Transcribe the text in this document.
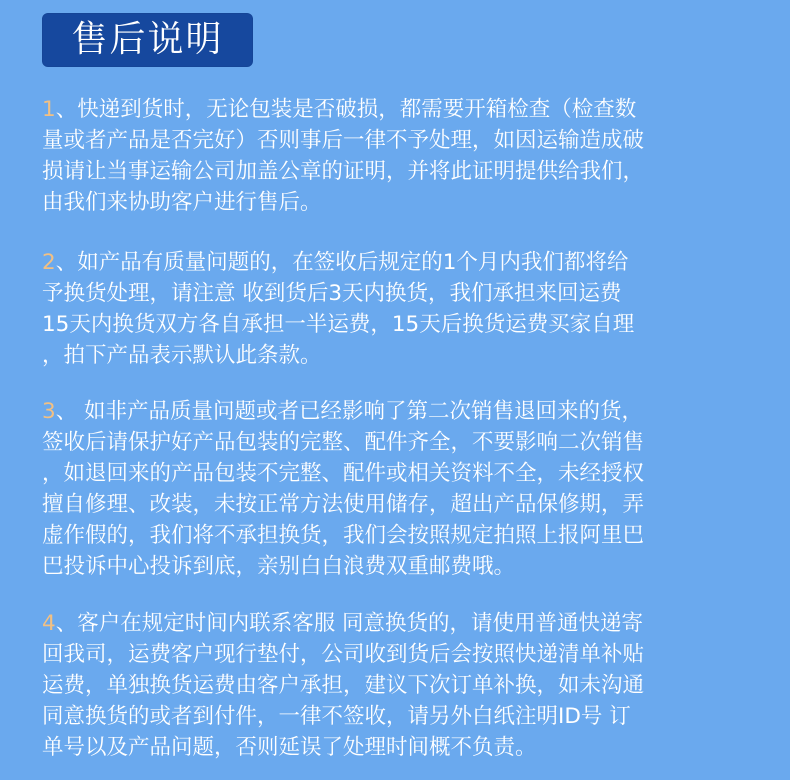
售后说明
1、快递到货时，无论包装是否破损，都需要开箱检查（检查数
量或者产品是否完好）否则事后一律不予处理，如因运输造成破
损请让当事运输公司加盖公章的证明，并将此证明提供给我们，
由我们来协助客户进行售后。
2、如产品有质量问题的，在签收后规定的1个月内我们都将给
予换货处理，请注意 收到货后3天内换货，我们承担来回运费
15天内换货双方各自承担一半运费，15天后换货运费买家自理
，拍下产品表示默认此条款。
3、 如非产品质量问题或者已经影响了第二次销售退回来的货，
签收后请保护好产品包装的完整、配件齐全，不要影响二次销售
，如退回来的产品包装不完整、配件或相关资料不全，未经授权
擅自修理、改装，未按正常方法使用储存，超出产品保修期，弄
虚作假的，我们将不承担换货，我们会按照规定拍照上报阿里巴
巴投诉中心投诉到底，亲别白白浪费双重邮费哦。
4、客户在规定时间内联系客服 同意换货的，请使用普通快递寄
回我司，运费客户现行垫付，公司收到货后会按照快递清单补贴
运费，单独换货运费由客户承担，建议下次订单补换，如未沟通
同意换货的或者到付件，一律不签收，请另外白纸注明ID号 订
单号以及产品问题，否则延误了处理时间概不负责。
